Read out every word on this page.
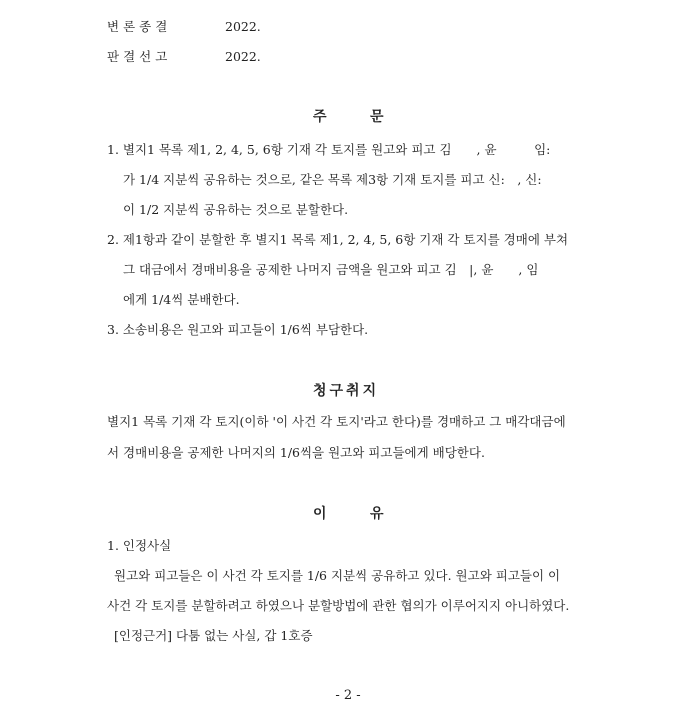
변론종결	2022.
판결선고	2022.
주	문
1. 별지1 목록 제1, 2, 4, 5, 6항 기재 각 토지를 원고와 피고 김　　, 윤　　　임:
가 1/4 지분씩 공유하는 것으로, 같은 목록 제3항 기재 토지를 피고 신:　, 신:
이 1/2 지분씩 공유하는 것으로 분할한다.
2. 제1항과 같이 분할한 후 별지1 목록 제1, 2, 4, 5, 6항 기재 각 토지를 경매에 부쳐
그 대금에서 경매비용을 공제한 나머지 금액을 원고와 피고 김　|, 윤　　, 임
에게 1/4씩 분배한다.
3. 소송비용은 원고와 피고들이 1/6씩 부담한다.
청구취지
별지1 목록 기재 각 토지(이하 '이 사건 각 토지'라고 한다)를 경매하고 그 매각대금에
서 경매비용을 공제한 나머지의 1/6씩을 원고와 피고들에게 배당한다.
이	유
1. 인정사실
원고와 피고들은 이 사건 각 토지를 1/6 지분씩 공유하고 있다. 원고와 피고들이 이
사건 각 토지를 분할하려고 하였으나 분할방법에 관한 협의가 이루어지지 아니하였다.
[인정근거] 다툼 없는 사실, 갑 1호증
- 2 -
